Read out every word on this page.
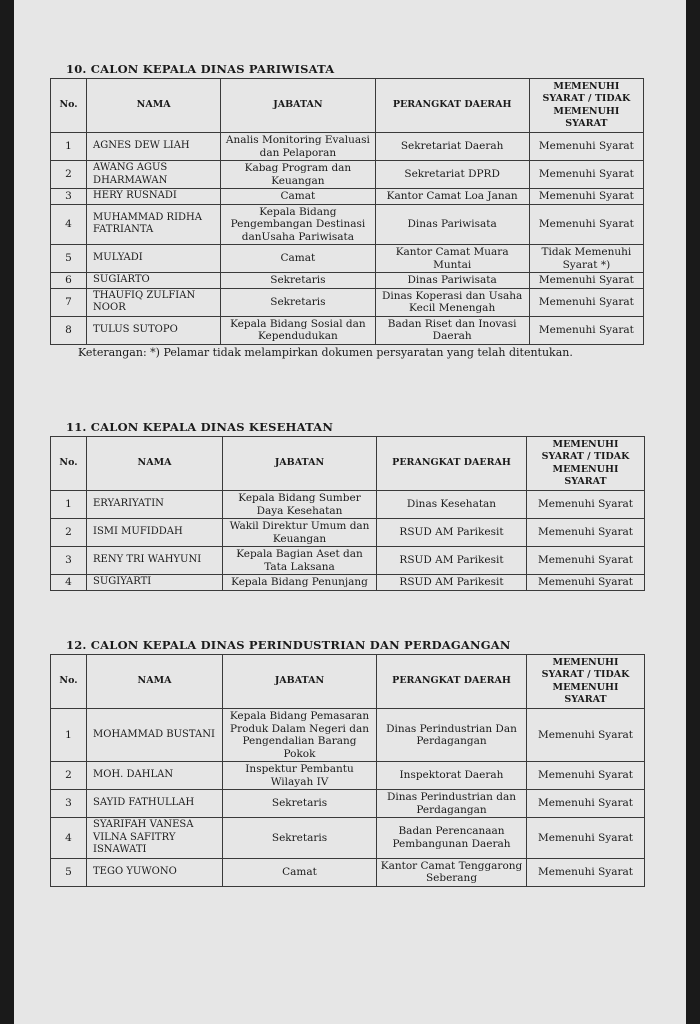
10. CALON KEPALA DINAS PARIWISATA
No.	NAMA	JABATAN	PERANGKAT DAERAH	MEMENUHI SYARAT / TIDAK MEMENUHI SYARAT
1	AGNES DEW LIAH	Analis Monitoring Evaluasi dan Pelaporan	Sekretariat Daerah	Memenuhi Syarat
2	AWANG AGUS DHARMAWAN	Kabag Program dan Keuangan	Sekretariat DPRD	Memenuhi Syarat
3	HERY RUSNADI	Camat	Kantor Camat Loa Janan	Memenuhi Syarat
4	MUHAMMAD RIDHA FATRIANTA	Kepala Bidang Pengembangan Destinasi danUsaha Pariwisata	Dinas Pariwisata	Memenuhi Syarat
5	MULYADI	Camat	Kantor Camat Muara Muntai	Tidak Memenuhi Syarat *)
6	SUGIARTO	Sekretaris	Dinas Pariwisata	Memenuhi Syarat
7	THAUFIQ ZULFIAN NOOR	Sekretaris	Dinas Koperasi dan Usaha Kecil Menengah	Memenuhi Syarat
8	TULUS SUTOPO	Kepala Bidang Sosial dan Kependudukan	Badan Riset dan Inovasi Daerah	Memenuhi Syarat
Keterangan: *) Pelamar tidak melampirkan dokumen persyaratan yang telah ditentukan.
11. CALON KEPALA DINAS KESEHATAN
No.	NAMA	JABATAN	PERANGKAT DAERAH	MEMENUHI SYARAT / TIDAK MEMENUHI SYARAT
1	ERYARIYATIN	Kepala Bidang Sumber Daya Kesehatan	Dinas Kesehatan	Memenuhi Syarat
2	ISMI MUFIDDAH	Wakil Direktur Umum dan Keuangan	RSUD AM Parikesit	Memenuhi Syarat
3	RENY TRI WAHYUNI	Kepala Bagian Aset dan Tata Laksana	RSUD AM Parikesit	Memenuhi Syarat
4	SUGIYARTI	Kepala Bidang Penunjang	RSUD AM Parikesit	Memenuhi Syarat
12. CALON KEPALA DINAS PERINDUSTRIAN DAN PERDAGANGAN
No.	NAMA	JABATAN	PERANGKAT DAERAH	MEMENUHI SYARAT / TIDAK MEMENUHI SYARAT
1	MOHAMMAD BUSTANI	Kepala Bidang Pemasaran Produk Dalam Negeri dan Pengendalian Barang Pokok	Dinas Perindustrian Dan Perdagangan	Memenuhi Syarat
2	MOH. DAHLAN	Inspektur Pembantu Wilayah IV	Inspektorat Daerah	Memenuhi Syarat
3	SAYID FATHULLAH	Sekretaris	Dinas Perindustrian dan Perdagangan	Memenuhi Syarat
4	SYARIFAH VANESA VILNA SAFITRY ISNAWATI	Sekretaris	Badan Perencanaan Pembangunan Daerah	Memenuhi Syarat
5	TEGO YUWONO	Camat	Kantor Camat Tenggarong Seberang	Memenuhi Syarat
